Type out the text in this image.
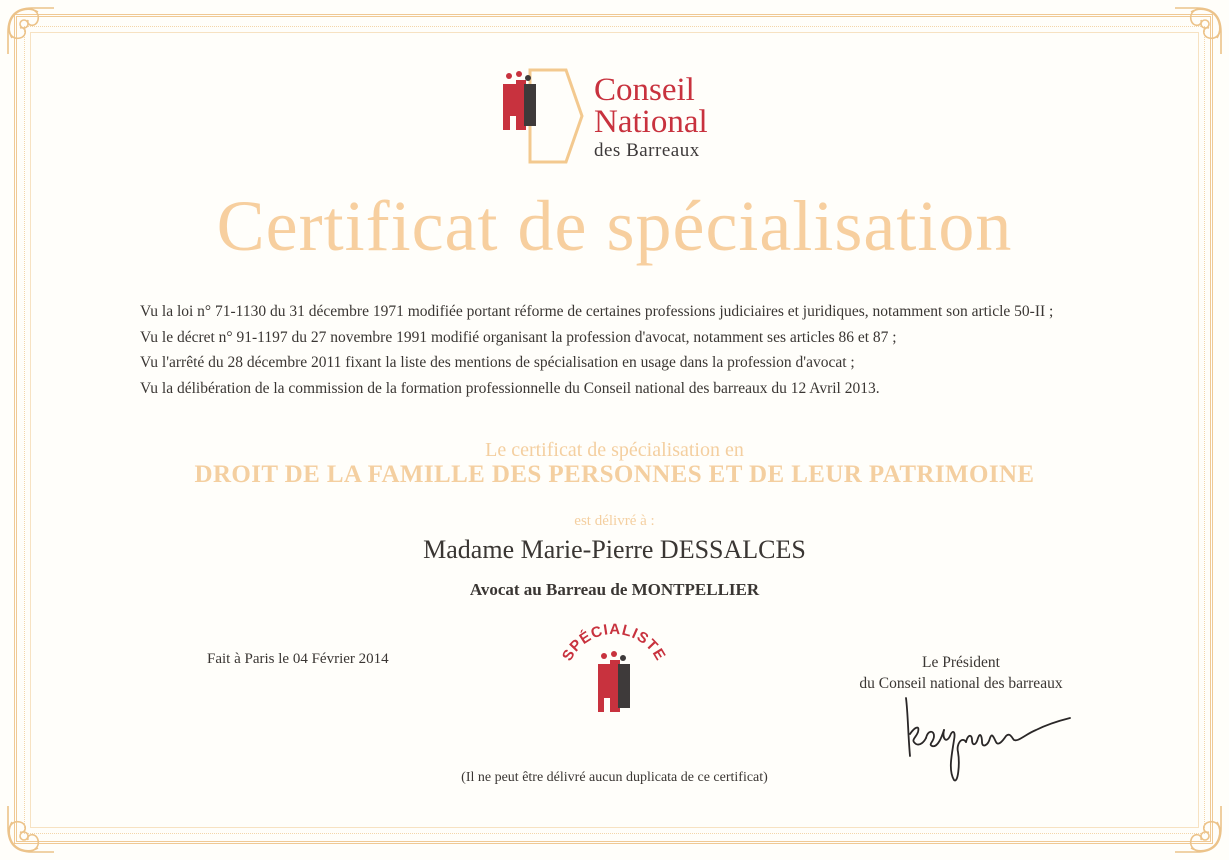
Conseil
National
des Barreaux
Certificat de spécialisation
Vu la loi n° 71-1130 du 31 décembre 1971 modifiée portant réforme de certaines professions judiciaires et juridiques, notamment son article 50-II ;
Vu le décret n° 91-1197 du 27 novembre 1991 modifié organisant la profession d'avocat, notamment ses articles 86 et 87 ;
Vu l'arrêté du 28 décembre 2011 fixant la liste des mentions de spécialisation en usage dans la profession d'avocat ;
Vu la délibération de la commission de la formation professionnelle du Conseil national des barreaux du 12 Avril 2013.
Le certificat de spécialisation en
DROIT DE LA FAMILLE DES PERSONNES ET DE LEUR PATRIMOINE
est délivré à :
Madame Marie-Pierre DESSALCES
Avocat au Barreau de MONTPELLIER
Fait à Paris le 04 Février 2014	SPÉCIALISTE	Le Président
du Conseil national des barreaux
(Il ne peut être délivré aucun duplicata de ce certificat)
